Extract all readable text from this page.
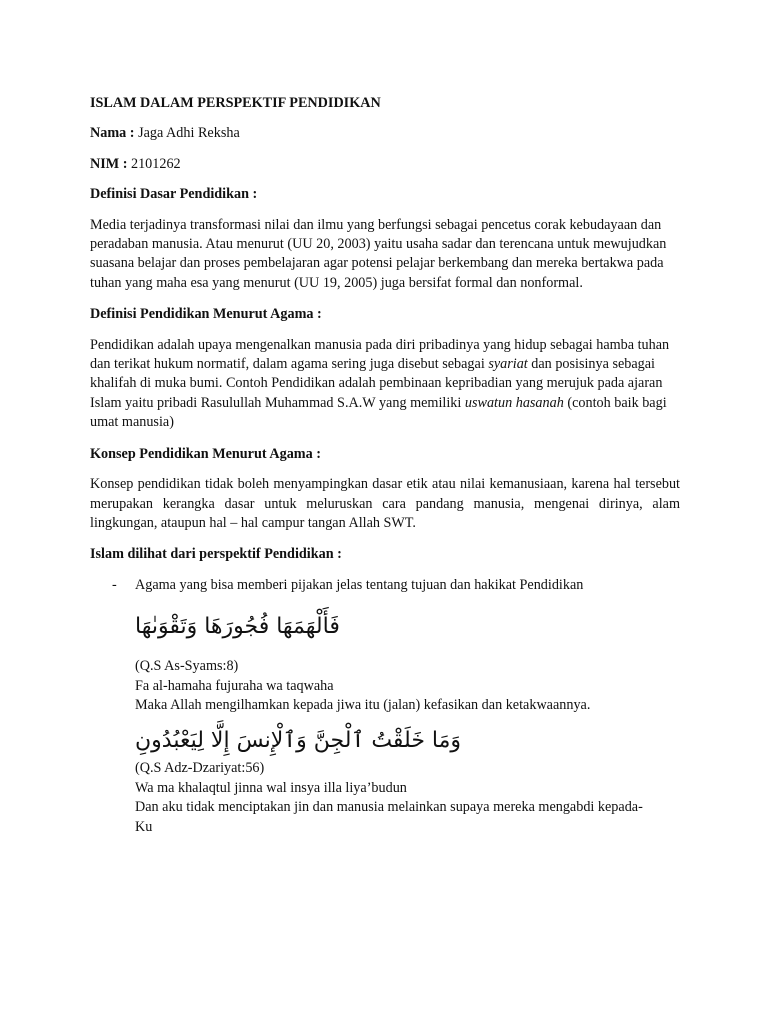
ISLAM DALAM PERSPEKTIF PENDIDIKAN
Nama : Jaga Adhi Reksha
NIM : 2101262
Definisi Dasar Pendidikan :
Media terjadinya transformasi nilai dan ilmu yang berfungsi sebagai pencetus corak kebudayaan dan peradaban manusia. Atau menurut (UU 20, 2003) yaitu usaha sadar dan terencana untuk mewujudkan suasana belajar dan proses pembelajaran agar potensi pelajar berkembang dan mereka bertakwa pada tuhan yang maha esa yang menurut (UU 19, 2005) juga bersifat formal dan nonformal.
Definisi Pendidikan Menurut Agama :
Pendidikan adalah upaya mengenalkan manusia pada diri pribadinya yang hidup sebagai hamba tuhan dan terikat hukum normatif, dalam agama sering juga disebut sebagai syariat dan posisinya sebagai khalifah di muka bumi. Contoh Pendidikan adalah pembinaan kepribadian yang merujuk pada ajaran Islam yaitu pribadi Rasulullah Muhammad S.A.W yang memiliki uswatun hasanah (contoh baik bagi umat manusia)
Konsep Pendidikan Menurut Agama :
Konsep pendidikan tidak boleh menyampingkan dasar etik atau nilai kemanusiaan, karena hal tersebut merupakan kerangka dasar untuk meluruskan cara pandang manusia, mengenai dirinya, alam lingkungan, ataupun hal – hal campur tangan Allah SWT.
Islam dilihat dari perspektif Pendidikan :
-	Agama yang bisa memberi pijakan jelas tentang tujuan dan hakikat Pendidikan
فَأَلْهَمَهَا فُجُورَهَا وَتَقْوَىٰهَا
(Q.S As-Syams:8)
Fa al-hamaha fujuraha wa taqwaha
Maka Allah mengilhamkan kepada jiwa itu (jalan) kefasikan dan ketakwaannya.
وَمَا خَلَقْتُ ٱلْجِنَّ وَٱلْإِنسَ إِلَّا لِيَعْبُدُونِ
(Q.S Adz-Dzariyat:56)
Wa ma khalaqtul jinna wal insya illa liya’budun
Dan aku tidak menciptakan jin dan manusia melainkan supaya mereka mengabdi kepada-
Ku
